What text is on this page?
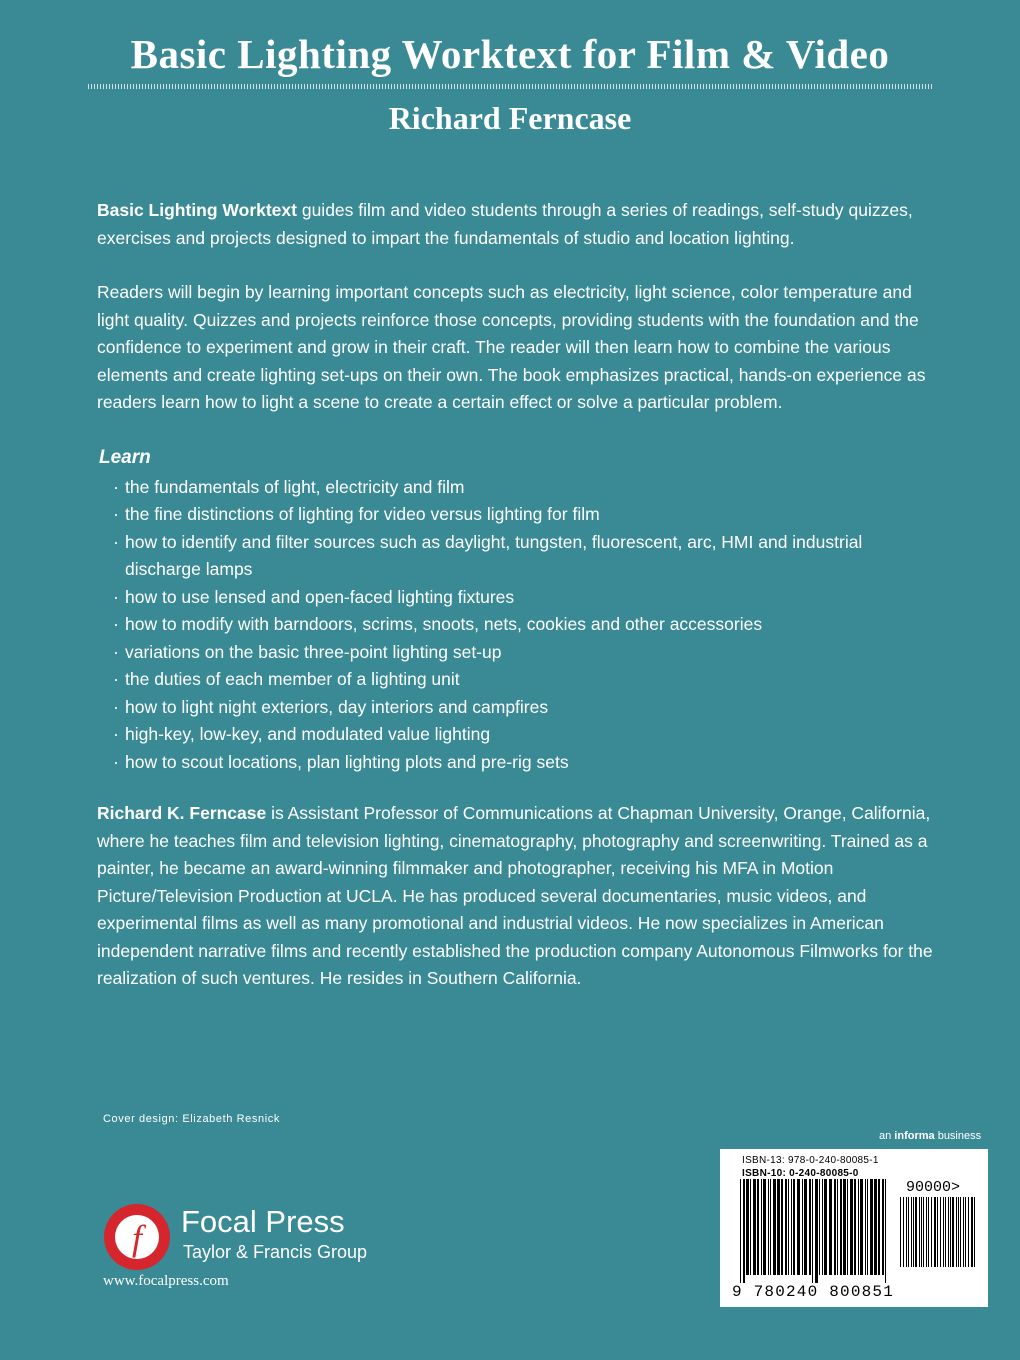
Basic Lighting Worktext for Film & Video
Richard Ferncase

Basic Lighting Worktext guides film and video students through a series of readings, self-study quizzes, exercises and projects designed to impart the fundamentals of studio and location lighting.

Readers will begin by learning important concepts such as electricity, light science, color temperature and light quality. Quizzes and projects reinforce those concepts, providing students with the foundation and the confidence to experiment and grow in their craft. The reader will then learn how to combine the various elements and create lighting set-ups on their own. The book emphasizes practical, hands-on experience as readers learn how to light a scene to create a certain effect or solve a particular problem.

Learn
· the fundamentals of light, electricity and film
· the fine distinctions of lighting for video versus lighting for film
· how to identify and filter sources such as daylight, tungsten, fluorescent, arc, HMI and industrial discharge lamps
· how to use lensed and open-faced lighting fixtures
· how to modify with barndoors, scrims, snoots, nets, cookies and other accessories
· variations on the basic three-point lighting set-up
· the duties of each member of a lighting unit
· how to light night exteriors, day interiors and campfires
· high-key, low-key, and modulated value lighting
· how to scout locations, plan lighting plots and pre-rig sets

Richard K. Ferncase is Assistant Professor of Communications at Chapman University, Orange, California, where he teaches film and television lighting, cinematography, photography and screenwriting. Trained as a painter, he became an award-winning filmmaker and photographer, receiving his MFA in Motion Picture/Television Production at UCLA. He has produced several documentaries, music videos, and experimental films as well as many promotional and industrial videos. He now specializes in American independent narrative films and recently established the production company Autonomous Filmworks for the realization of such ventures. He resides in Southern California.

Cover design: Elizabeth Resnick
f Focal Press
Taylor & Francis Group
www.focalpress.com
an informa business
ISBN-13: 978-0-240-80085-1
ISBN-10: 0-240-80085-0
90000>
9 780240 800851
